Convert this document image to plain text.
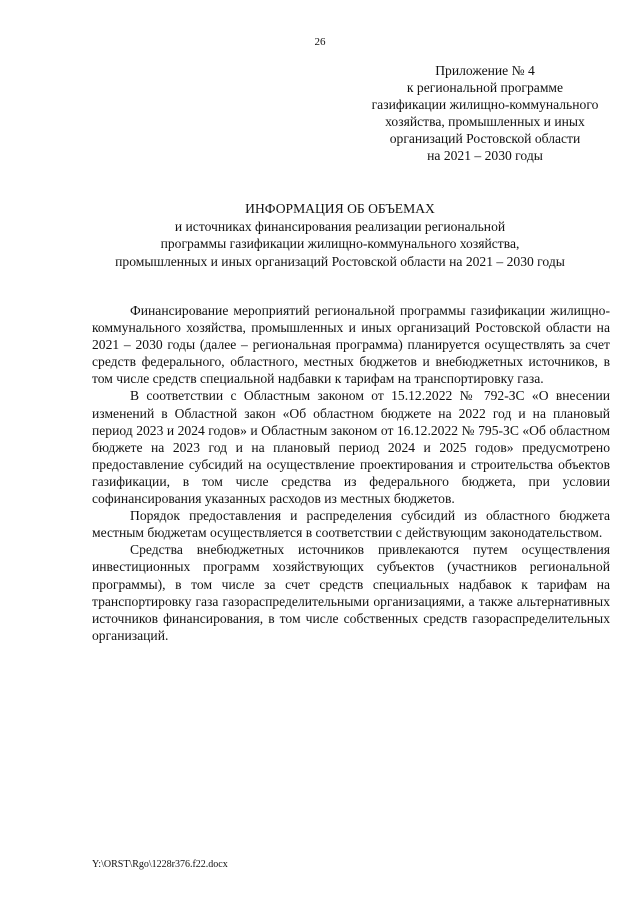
26
Приложение № 4
к региональной программе
газификации жилищно-коммунального
хозяйства, промышленных и иных
организаций Ростовской области
на 2021 – 2030 годы
ИНФОРМАЦИЯ ОБ ОБЪЕМАХ
и источниках финансирования реализации региональной
программы газификации жилищно-коммунального хозяйства,
промышленных и иных организаций Ростовской области на 2021 – 2030 годы

Финансирование мероприятий региональной программы газификации жилищно-коммунального хозяйства, промышленных и иных организаций Ростовской области на 2021 – 2030 годы (далее – региональная программа) планируется осуществлять за счет средств федерального, областного, местных бюджетов и внебюджетных источников, в том числе средств специальной надбавки к тарифам на транспортировку газа.

В соответствии с Областным законом от 15.12.2022 № 792-ЗС «О внесении изменений в Областной закон «Об областном бюджете на 2022 год и на плановый период 2023 и 2024 годов» и Областным законом от 16.12.2022 № 795-ЗС «Об областном бюджете на 2023 год и на плановый период 2024 и 2025 годов» предусмотрено предоставление субсидий на осуществление проектирования и строительства объектов газификации, в том числе средства из федерального бюджета, при условии софинансирования указанных расходов из местных бюджетов.

Порядок предоставления и распределения субсидий из областного бюджета местным бюджетам осуществляется в соответствии с действующим законодательством.

Средства внебюджетных источников привлекаются путем осуществления инвестиционных программ хозяйствующих субъектов (участников региональной программы), в том числе за счет средств специальных надбавок к тарифам на транспортировку газа газораспределительными организациями, а также альтернативных источников финансирования, в том числе собственных средств газораспределительных организаций.

Y:\ORST\Rgo\1228r376.f22.docx
